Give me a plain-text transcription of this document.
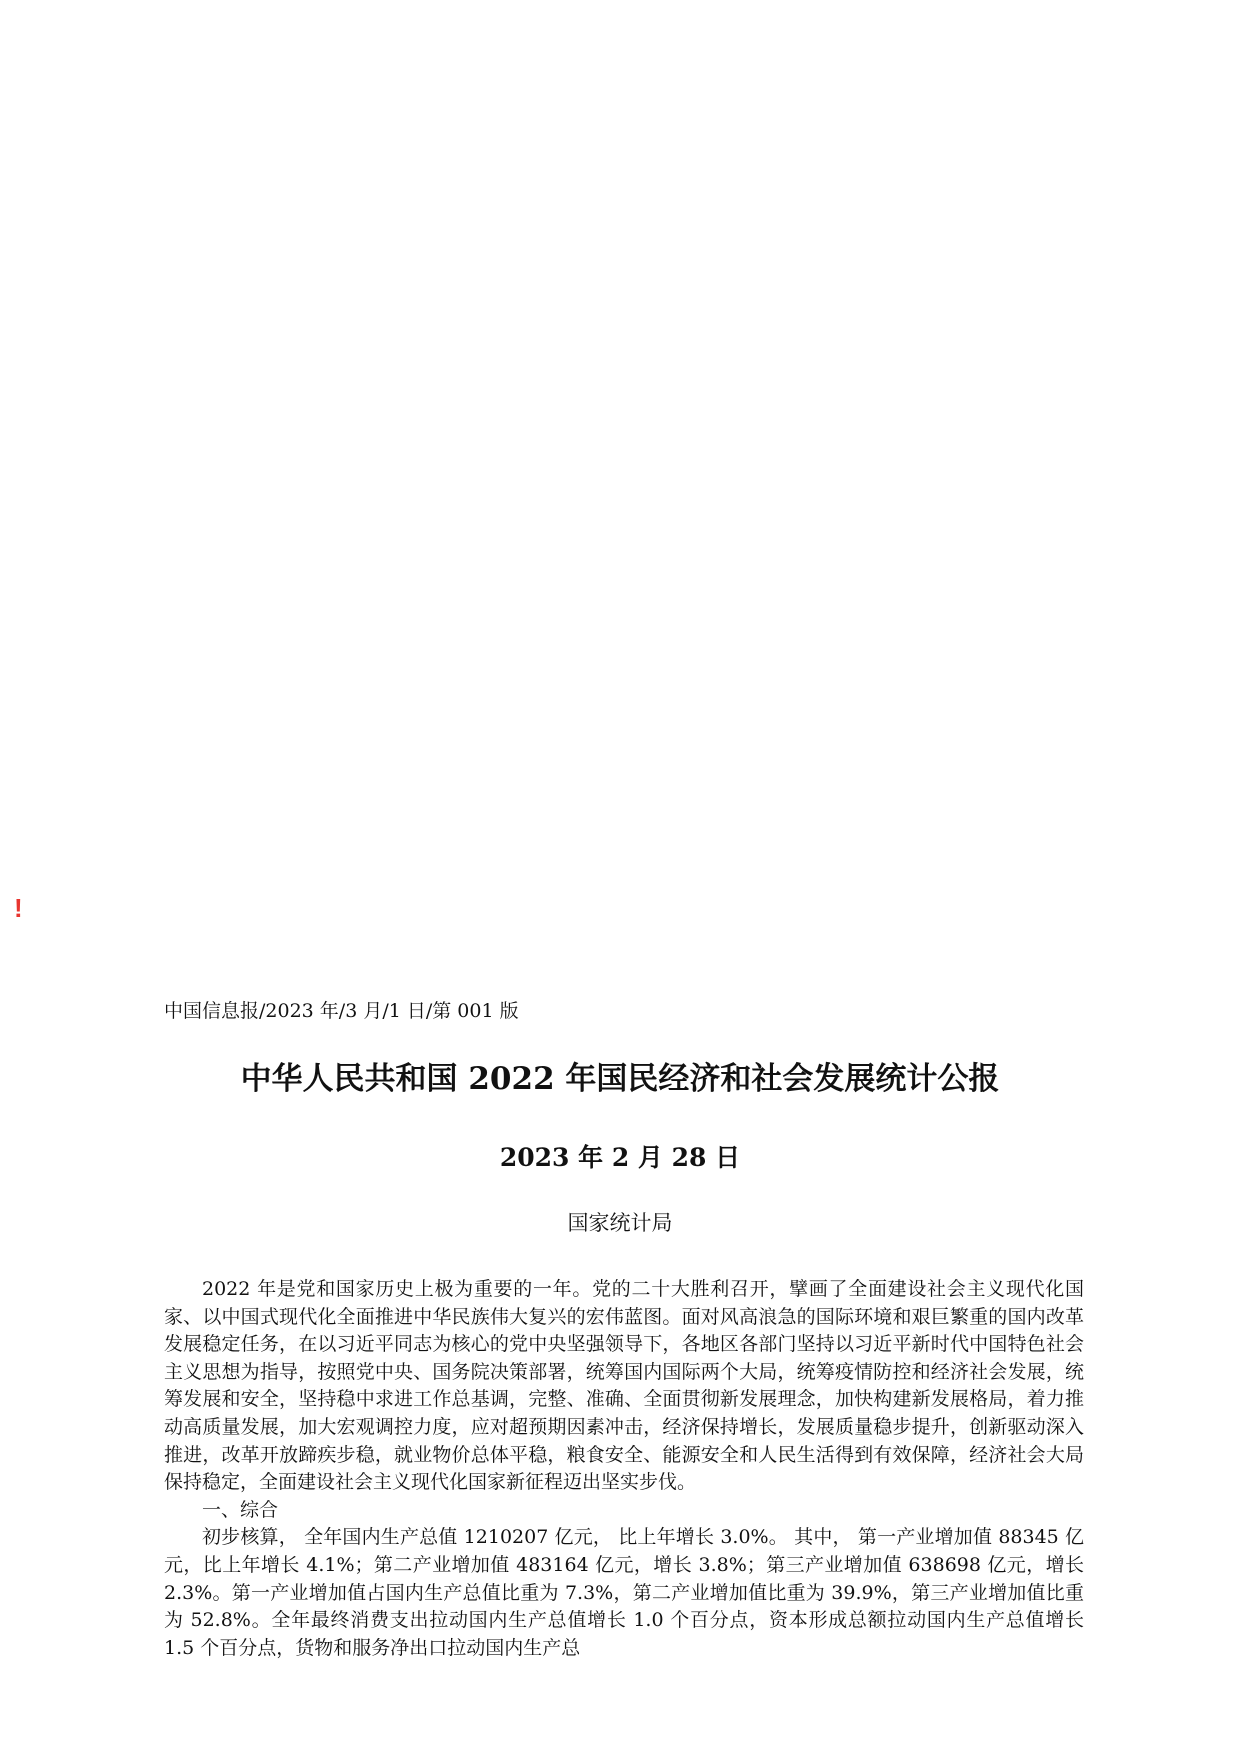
!
中国信息报/2023 年/3 月/1 日/第 001 版
中华人民共和国 2022 年国民经济和社会发展统计公报
2023 年 2 月 28 日
国家统计局

2022 年是党和国家历史上极为重要的一年。党的二十大胜利召开，擘画了全面建设社会主义现代化国家、以中国式现代化全面推进中华民族伟大复兴的宏伟蓝图。面对风高浪急的国际环境和艰巨繁重的国内改革发展稳定任务，在以习近平同志为核心的党中央坚强领导下，各地区各部门坚持以习近平新时代中国特色社会主义思想为指导，按照党中央、国务院决策部署，统筹国内国际两个大局，统筹疫情防控和经济社会发展，统筹发展和安全，坚持稳中求进工作总基调，完整、准确、全面贯彻新发展理念，加快构建新发展格局，着力推动高质量发展，加大宏观调控力度，应对超预期因素冲击，经济保持增长，发展质量稳步提升，创新驱动深入推进，改革开放蹄疾步稳，就业物价总体平稳，粮食安全、能源安全和人民生活得到有效保障，经济社会大局保持稳定，全面建设社会主义现代化国家新征程迈出坚实步伐。

一、综合

初步核算， 全年国内生产总值 1210207 亿元， 比上年增长 3.0%。 其中， 第一产业增加值 88345 亿元，比上年增长 4.1%；第二产业增加值 483164 亿元，增长 3.8%；第三产业增加值 638698 亿元，增长 2.3%。第一产业增加值占国内生产总值比重为 7.3%，第二产业增加值比重为 39.9%，第三产业增加值比重为 52.8%。全年最终消费支出拉动国内生产总值增长 1.0 个百分点，资本形成总额拉动国内生产总值增长 1.5 个百分点，货物和服务净出口拉动国内生产总
